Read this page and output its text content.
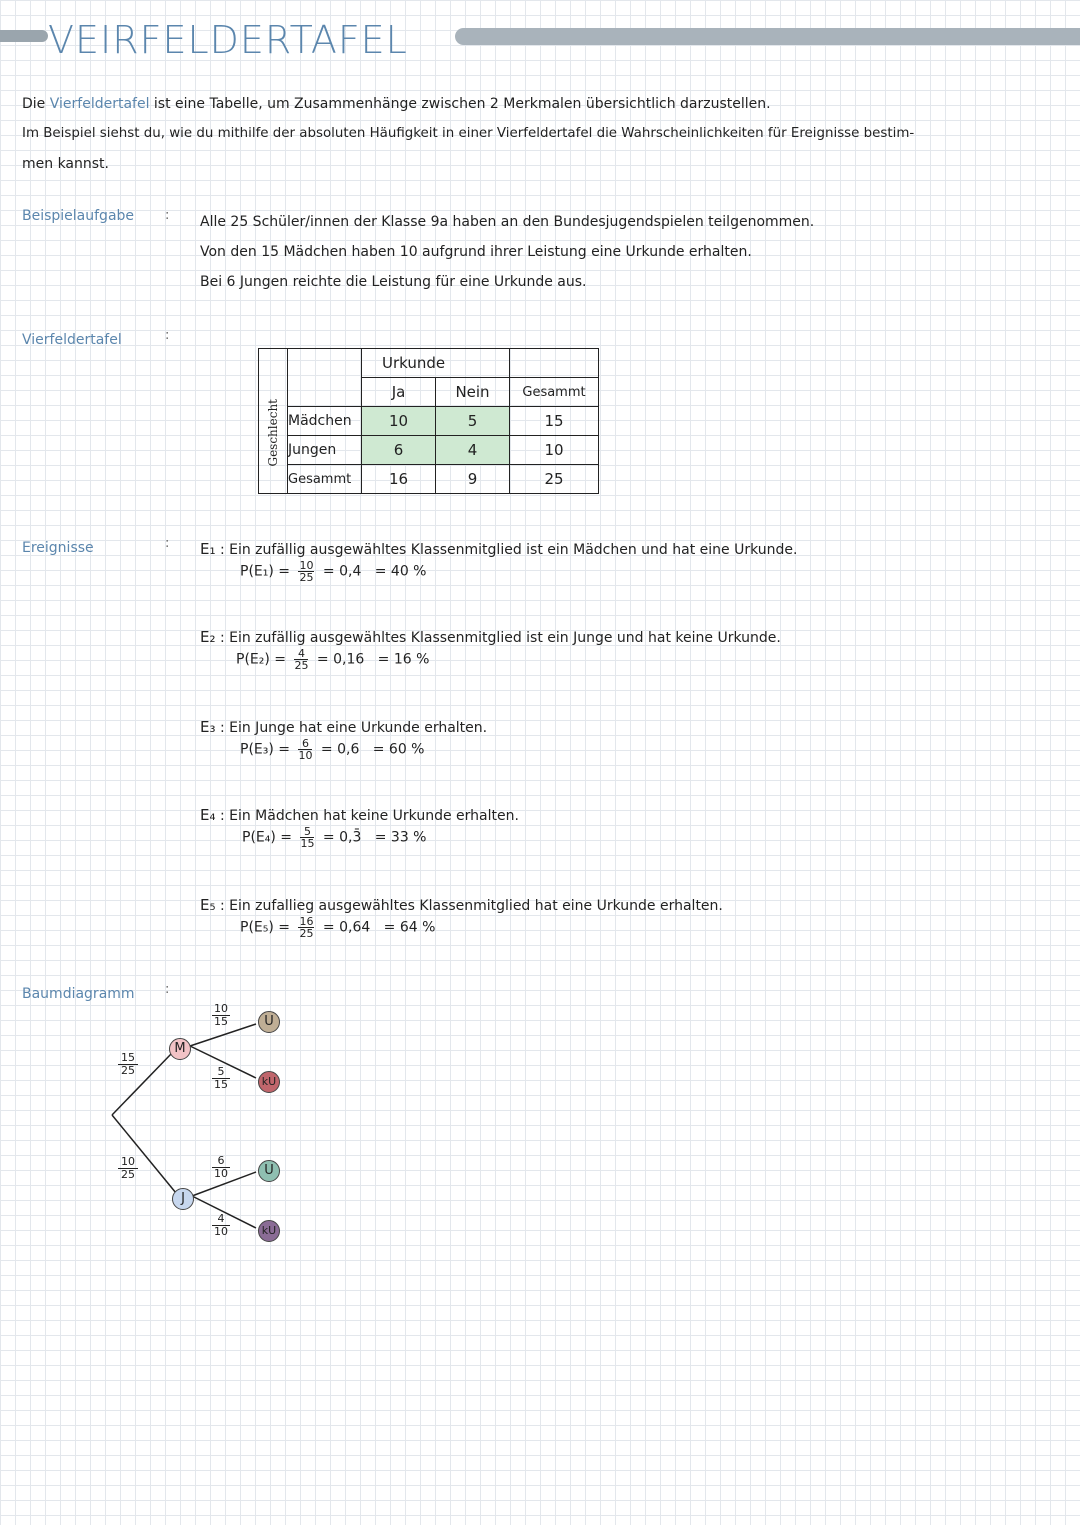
VEIRFELDERTAFEL
Die Vierfeldertafel ist eine Tabelle, um Zusammenhänge zwischen 2 Merkmalen übersichtlich darzustellen.
Im Beispiel siehst du, wie du mithilfe der absoluten Häufigkeit in einer Vierfeldertafel die Wahrscheinlichkeiten für Ereignisse bestim-
men kannst.
Beispielaufgabe :
Vierfeldertafel	:
Ereignisse	:
Baumdiagramm :
Alle 25 Schüler/innen der Klasse 9a haben an den Bundesjugendspielen teilgenommen.
Von den 15 Mädchen haben 10 aufgrund ihrer Leistung eine Urkunde erhalten.
Bei 6 Jungen reichte die Leistung für eine Urkunde aus.
		Urkunde		
Geschlecht		Ja	Nein	Gesammt
	Mädchen	10	5	15
	Jungen	6	4	10
	Gesammt	16	9	25
E₁ : Ein zufällig ausgewähltes Klassenmitglied ist ein Mädchen und hat eine Urkunde.
$P(E_1) = \frac{10}{25} = 0,4 = 40$ %
E₂ : Ein zufällig ausgewähltes Klassenmitglied ist ein Junge und hat keine Urkunde.
$P(E_2) = \frac{4}{25} = 0,16 = 16$ %
E₃ : Ein Junge hat eine Urkunde erhalten.
$P(E_3) = \frac{6}{10} = 0,6 = 60$ %
E₄ : Ein Mädchen hat keine Urkunde erhalten.
$P(E_4) = \frac{5}{15}$ = 0,3̄ = 33 %
E₅ : Ein zufallieg ausgewähltes Klassenmitglied hat eine Urkunde erhalten.
$P(E_5) = \frac{16}{25} = 0,64 = 64$ %
M
J
U
kU
U
kU
15
25
10
25
10
15
5
15
6
10
4
10
